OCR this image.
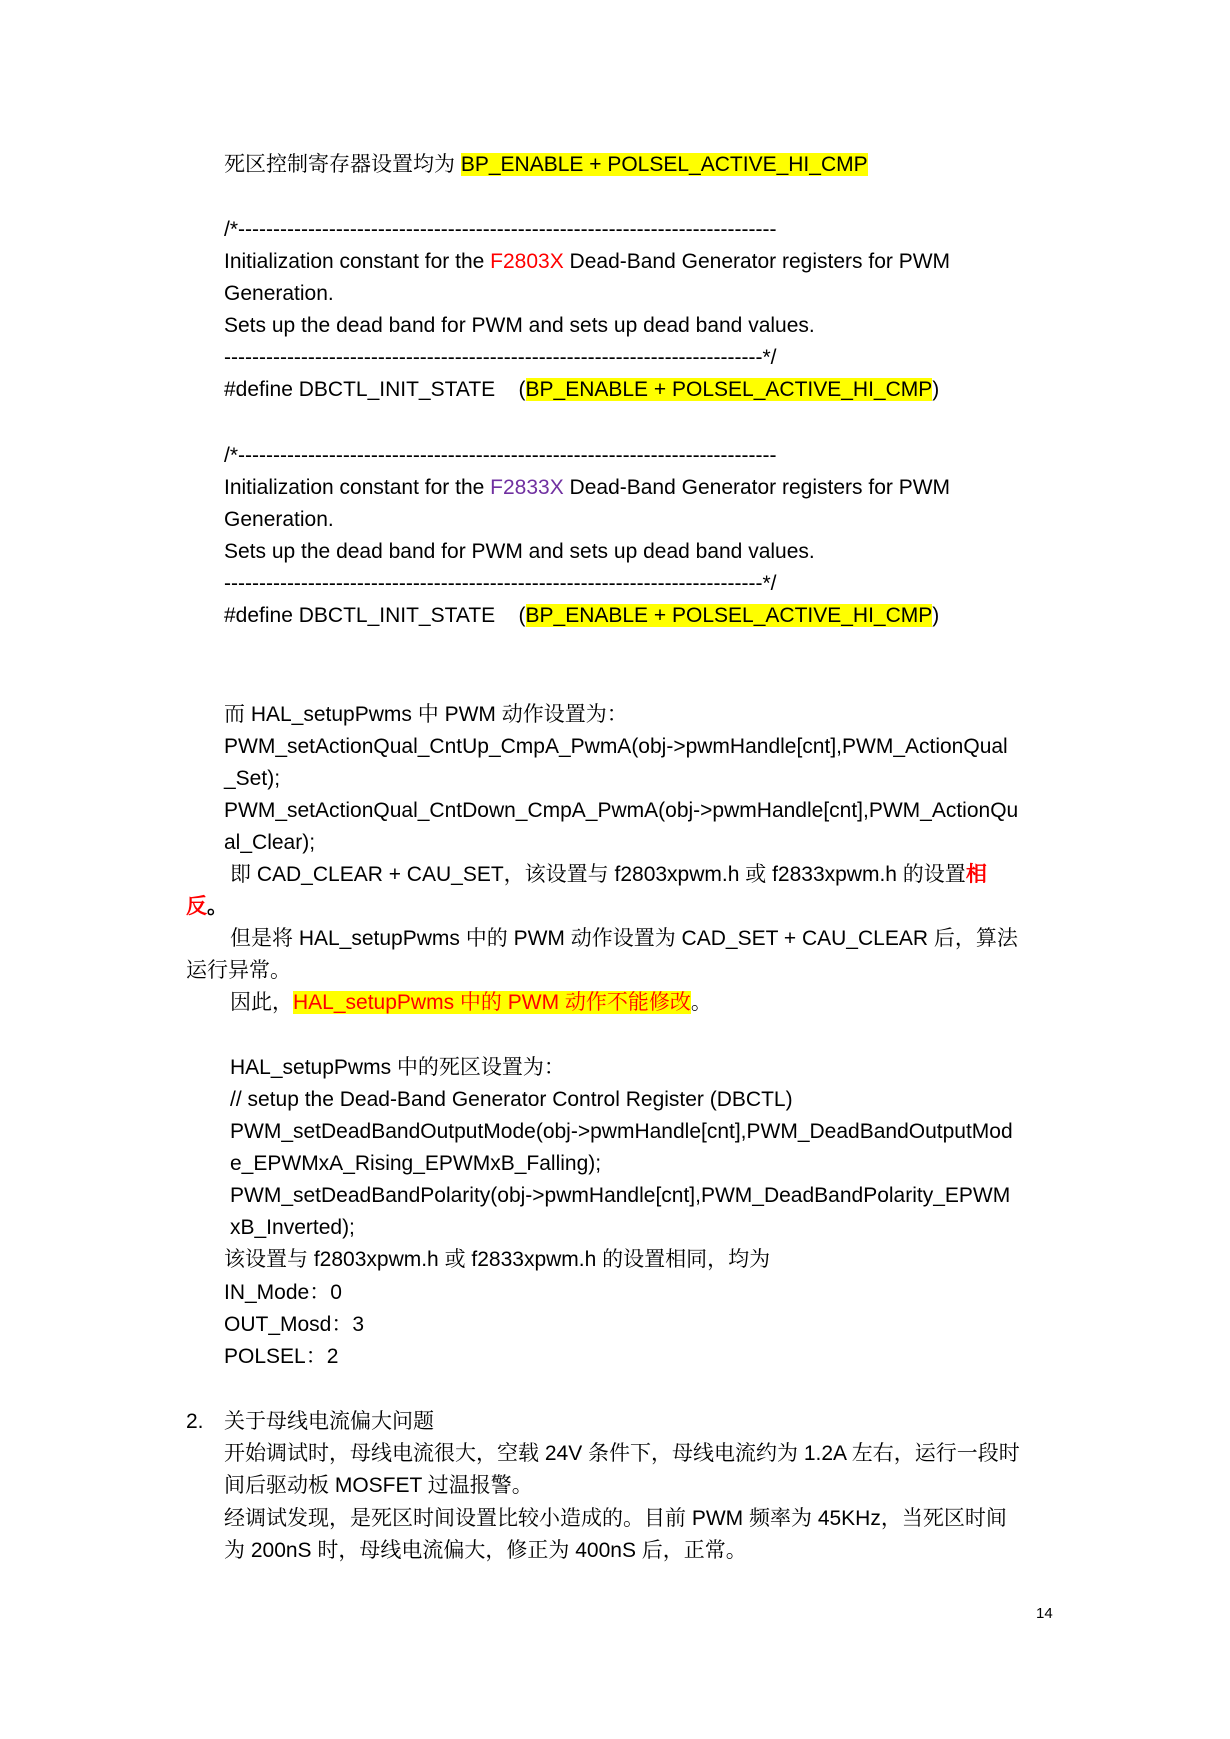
死区控制寄存器设置均为 BP_ENABLE + POLSEL_ACTIVE_HI_CMP

/*-----------------------------------------------------------------------------

Initialization constant for the F2803X Dead-Band Generator registers for PWM

Generation.

Sets up the dead band for PWM and sets up dead band values.

-----------------------------------------------------------------------------*/

#define DBCTL_INIT_STATE    (BP_ENABLE + POLSEL_ACTIVE_HI_CMP)

/*-----------------------------------------------------------------------------

Initialization constant for the F2833X Dead-Band Generator registers for PWM

Generation.

Sets up the dead band for PWM and sets up dead band values.

-----------------------------------------------------------------------------*/

#define DBCTL_INIT_STATE    (BP_ENABLE + POLSEL_ACTIVE_HI_CMP)

而 HAL_setupPwms 中 PWM 动作设置为：

PWM_setActionQual_CntUp_CmpA_PwmA(obj->pwmHandle[cnt],PWM_ActionQual

_Set);

PWM_setActionQual_CntDown_CmpA_PwmA(obj->pwmHandle[cnt],PWM_ActionQu

al_Clear);

即 CAD_CLEAR + CAU_SET，该设置与 f2803xpwm.h 或 f2833xpwm.h 的设置相

反。

但是将 HAL_setupPwms 中的 PWM 动作设置为 CAD_SET + CAU_CLEAR 后，算法

运行异常。

因此，HAL_setupPwms 中的 PWM 动作不能修改。

HAL_setupPwms 中的死区设置为：

// setup the Dead-Band Generator Control Register (DBCTL)

PWM_setDeadBandOutputMode(obj->pwmHandle[cnt],PWM_DeadBandOutputMod

e_EPWMxA_Rising_EPWMxB_Falling);

PWM_setDeadBandPolarity(obj->pwmHandle[cnt],PWM_DeadBandPolarity_EPWM

xB_Inverted);

该设置与 f2803xpwm.h 或 f2833xpwm.h 的设置相同，均为

IN_Mode：0

OUT_Mosd：3

POLSEL：2

2. 关于母线电流偏大问题

开始调试时，母线电流很大，空载 24V 条件下，母线电流约为 1.2A 左右，运行一段时

间后驱动板 MOSFET 过温报警。

经调试发现，是死区时间设置比较小造成的。目前 PWM 频率为 45KHz，当死区时间

为 200nS 时，母线电流偏大，修正为 400nS 后，正常。

14
